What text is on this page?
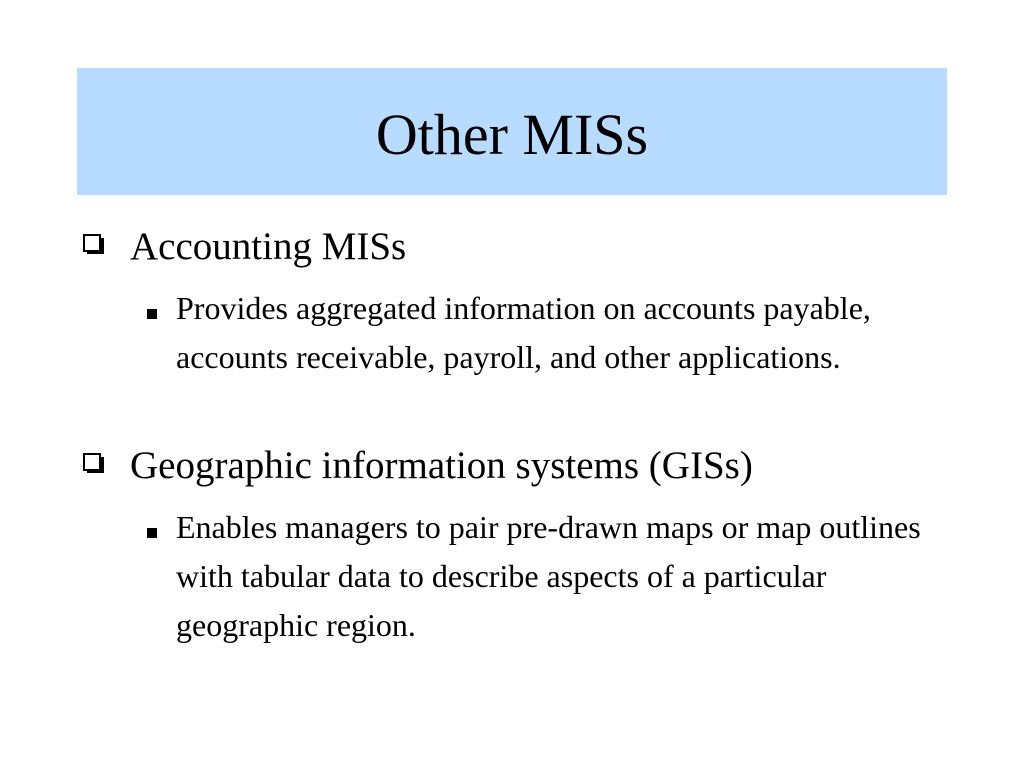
Other MISs
Accounting MISs
Provides aggregated information on accounts payable, accounts receivable, payroll, and other applications.
Geographic information systems (GISs)
Enables managers to pair pre-drawn maps or map outlines with tabular data to describe aspects of a particular geographic region.
